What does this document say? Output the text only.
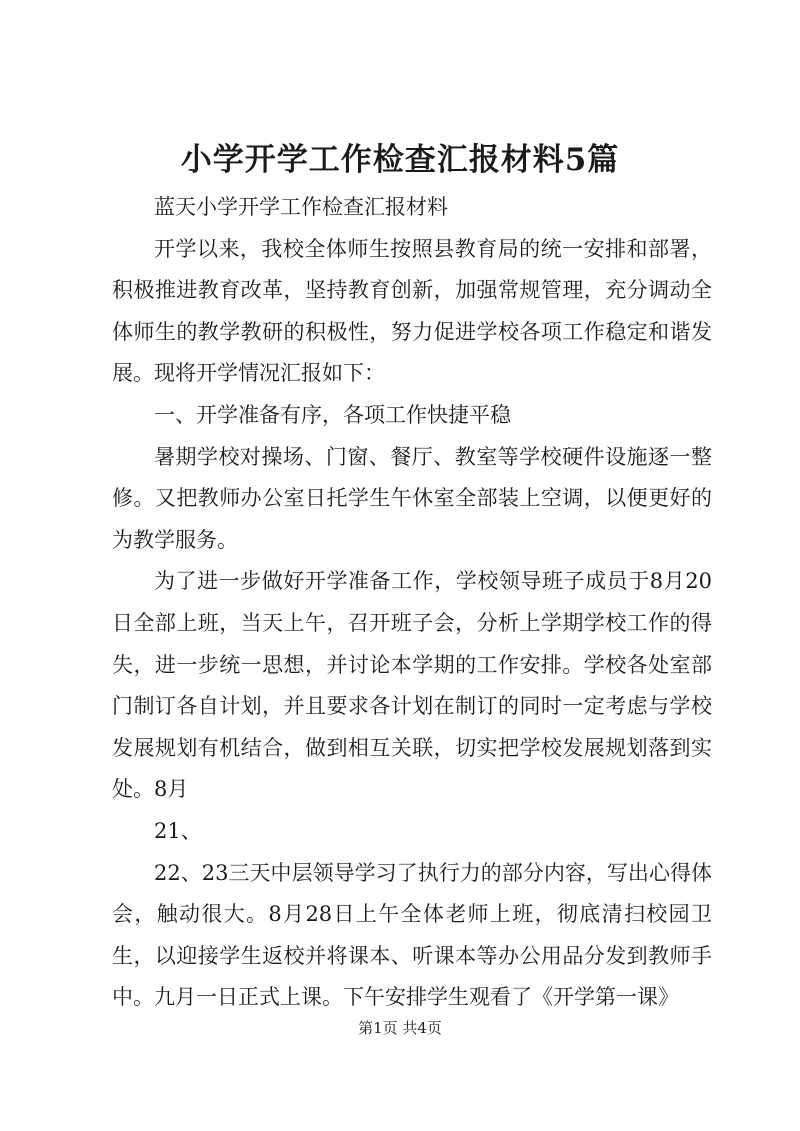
小学开学工作检查汇报材料5篇

蓝天小学开学工作检查汇报材料

开学以来，我校全体师生按照县教育局的统一安排和部署，积极推进教育改革，坚持教育创新，加强常规管理，充分调动全体师生的教学教研的积极性，努力促进学校各项工作稳定和谐发展。现将开学情况汇报如下：

一、开学准备有序，各项工作快捷平稳

暑期学校对操场、门窗、餐厅、教室等学校硬件设施逐一整修。又把教师办公室日托学生午休室全部装上空调，以便更好的为教学服务。

为了进一步做好开学准备工作，学校领导班子成员于8月20日全部上班，当天上午，召开班子会，分析上学期学校工作的得失，进一步统一思想，并讨论本学期的工作安排。学校各处室部门制订各自计划，并且要求各计划在制订的同时一定考虑与学校发展规划有机结合，做到相互关联，切实把学校发展规划落到实处。8月

21、

22、23三天中层领导学习了执行力的部分内容，写出心得体会，触动很大。8月28日上午全体老师上班，彻底清扫校园卫生，以迎接学生返校并将课本、听课本等办公用品分发到教师手中。九月一日正式上课。下午安排学生观看了《开学第一课》

第1页 共4页
